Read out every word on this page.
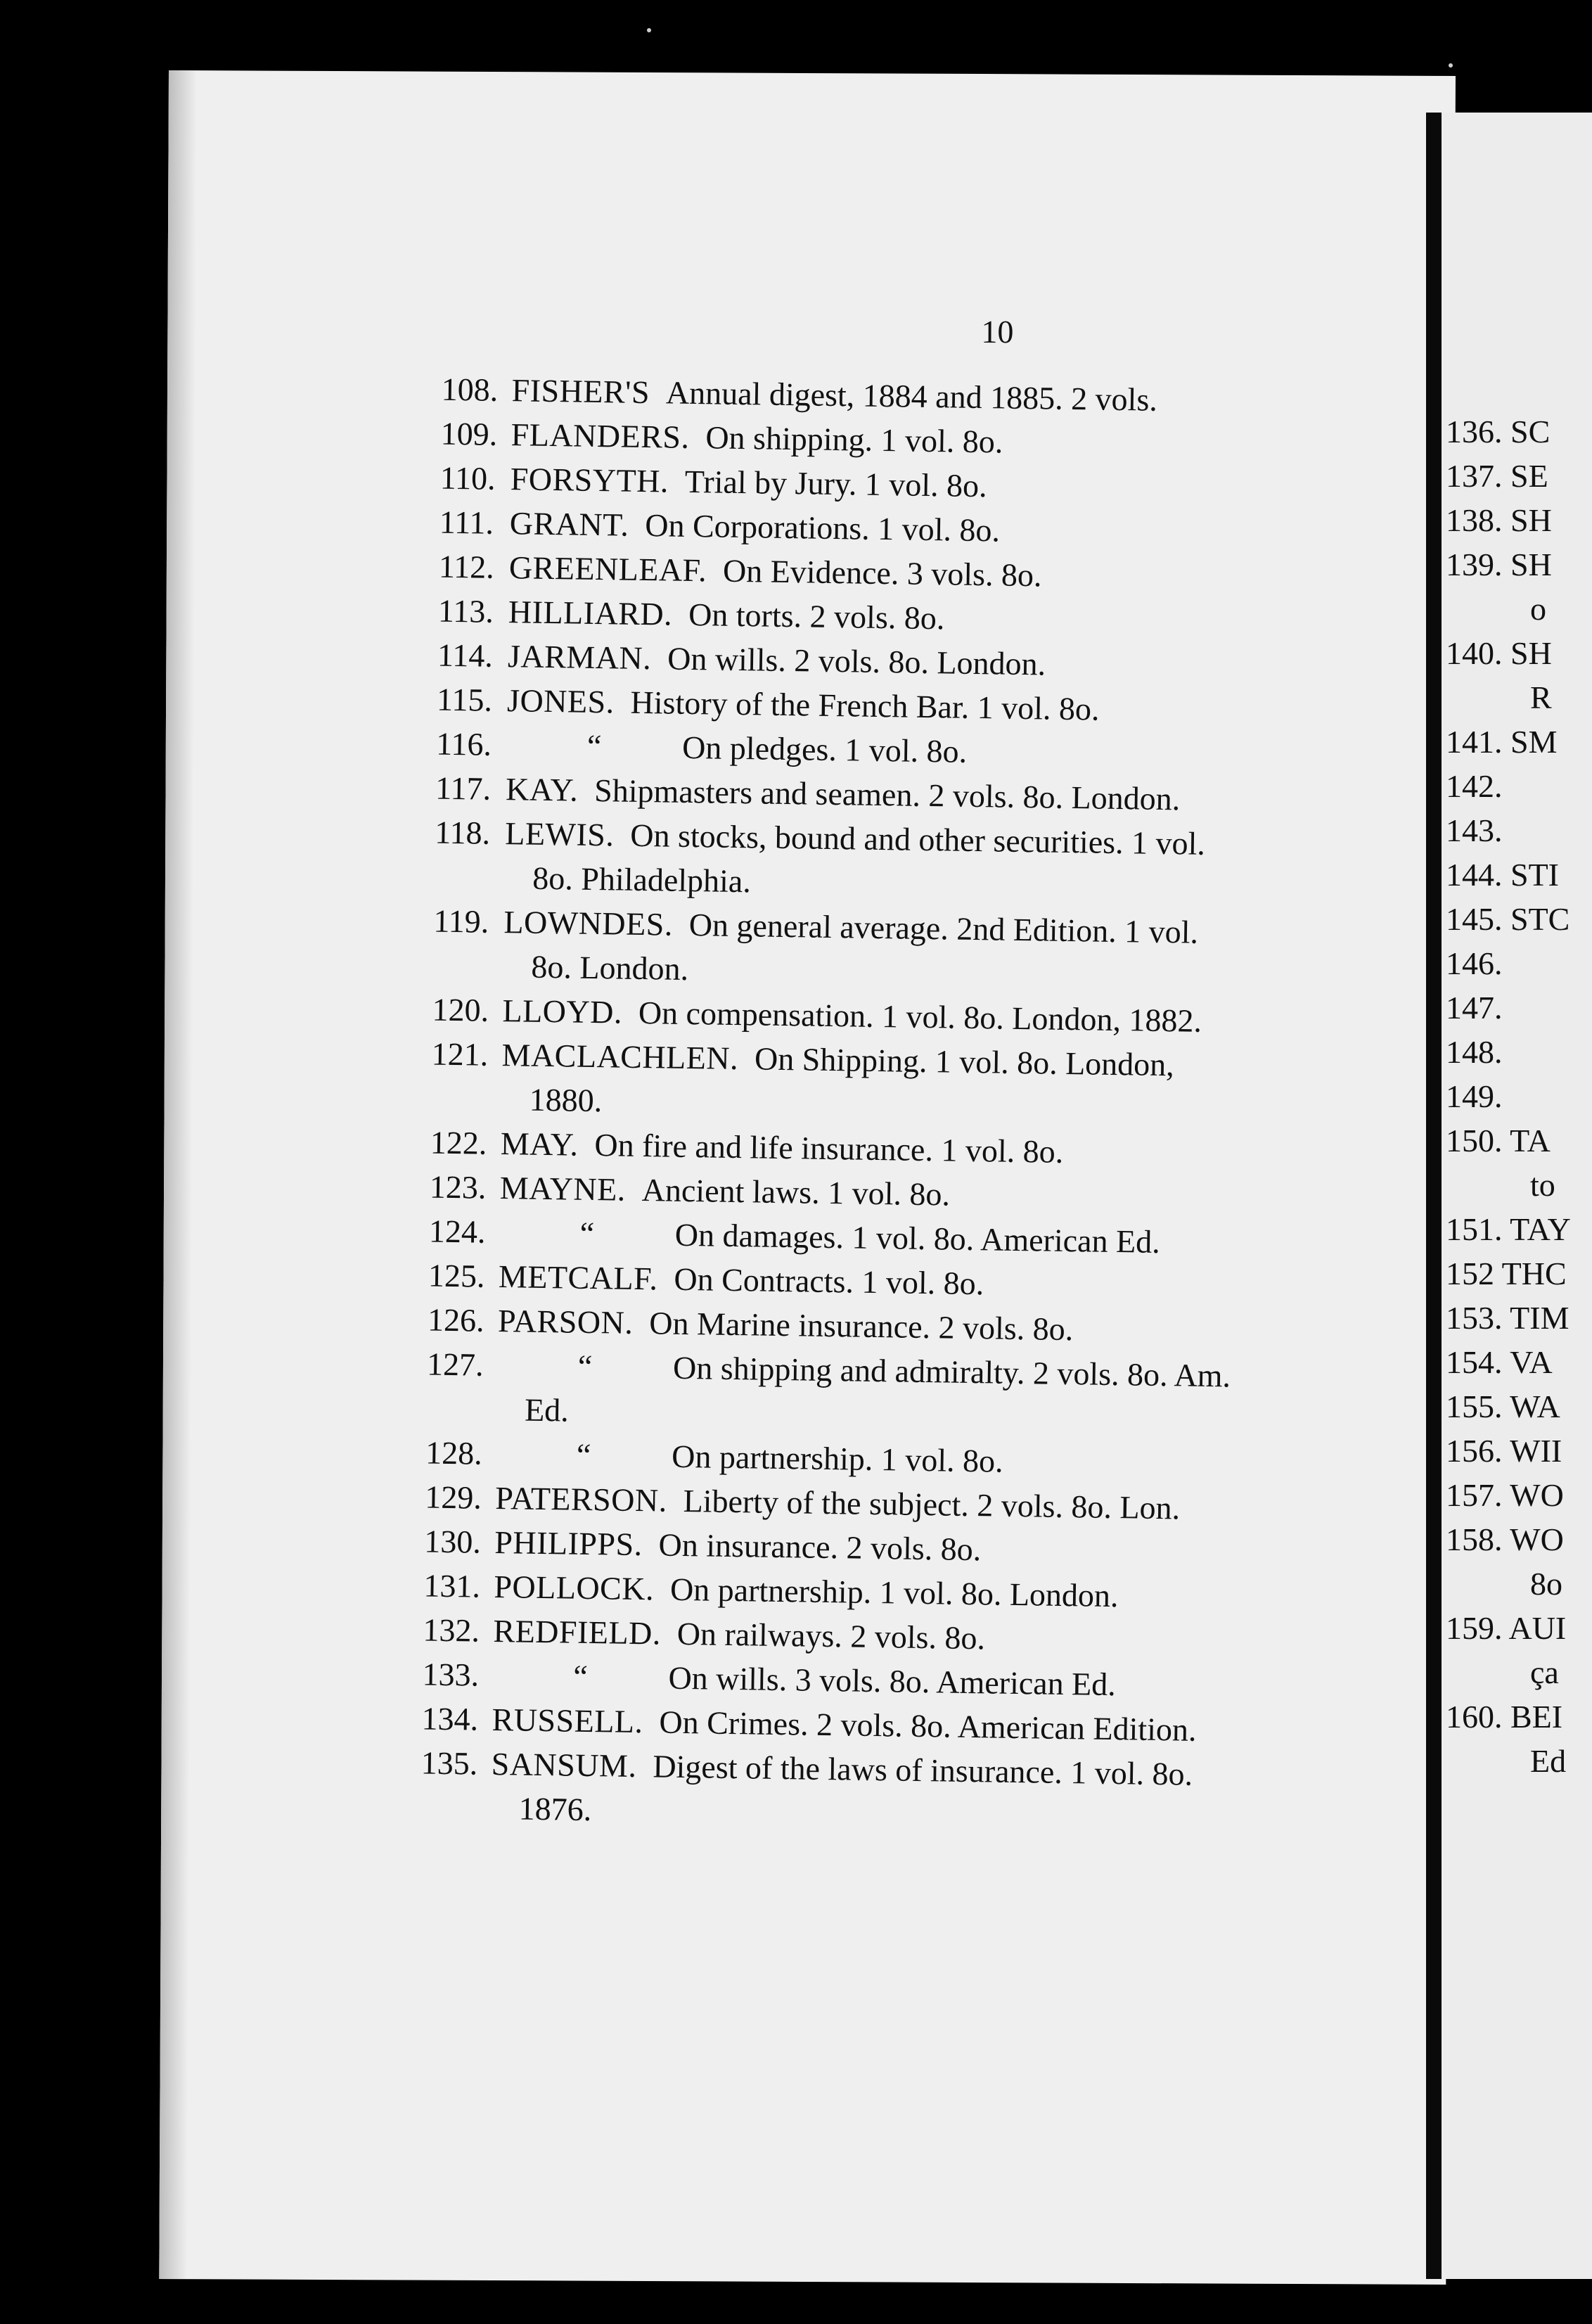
10
108. FISHER'S Annual digest, 1884 and 1885. 2 vols.
109. FLANDERS. On shipping. 1 vol. 8o.
110. FORSYTH. Trial by Jury. 1 vol. 8o.
111. GRANT. On Corporations. 1 vol. 8o.
112. GREENLEAF. On Evidence. 3 vols. 8o.
113. HILLIARD. On torts. 2 vols. 8o.
114. JARMAN. On wills. 2 vols. 8o. London.
115. JONES. History of the French Bar. 1 vol. 8o.
116.	“ On pledges. 1 vol. 8o.
117. KAY. Shipmasters and seamen. 2 vols. 8o. London.
118. LEWIS. On stocks, bound and other securities. 1 vol.
8o. Philadelphia.
119. LOWNDES. On general average. 2nd Edition. 1 vol.
8o. London.
120. LLOYD. On compensation. 1 vol. 8o. London, 1882.
121. MACLACHLEN. On Shipping. 1 vol. 8o. London,
1880.
122. MAY. On fire and life insurance. 1 vol. 8o.
123. MAYNE. Ancient laws. 1 vol. 8o.
124.	“ On damages. 1 vol. 8o. American Ed.
125. METCALF. On Contracts. 1 vol. 8o.
126. PARSON. On Marine insurance. 2 vols. 8o.
127.	“ On shipping and admiralty. 2 vols. 8o. Am.
Ed.
128.	“ On partnership. 1 vol. 8o.
129. PATERSON. Liberty of the subject. 2 vols. 8o. Lon.
130. PHILIPPS. On insurance. 2 vols. 8o.
131. POLLOCK. On partnership. 1 vol. 8o. London.
132. REDFIELD. On railways. 2 vols. 8o.
133.	“ On wills. 3 vols. 8o. American Ed.
134. RUSSELL. On Crimes. 2 vols. 8o. American Edition.
135. SANSUM. Digest of the laws of insurance. 1 vol. 8o.
1876.
136. SC
137. SE
138. SH
139. SH
o
140. SH
R
141. SM
142.
143.
144. STI
145. STC
146.
147.
148.
149.
150. TA
to
151. TAY
152 THC
153. TIM
154. VA
155. WA
156. WII
157. WO
158. WO
8o
159. AUI
ça
160. BEI
Ed
